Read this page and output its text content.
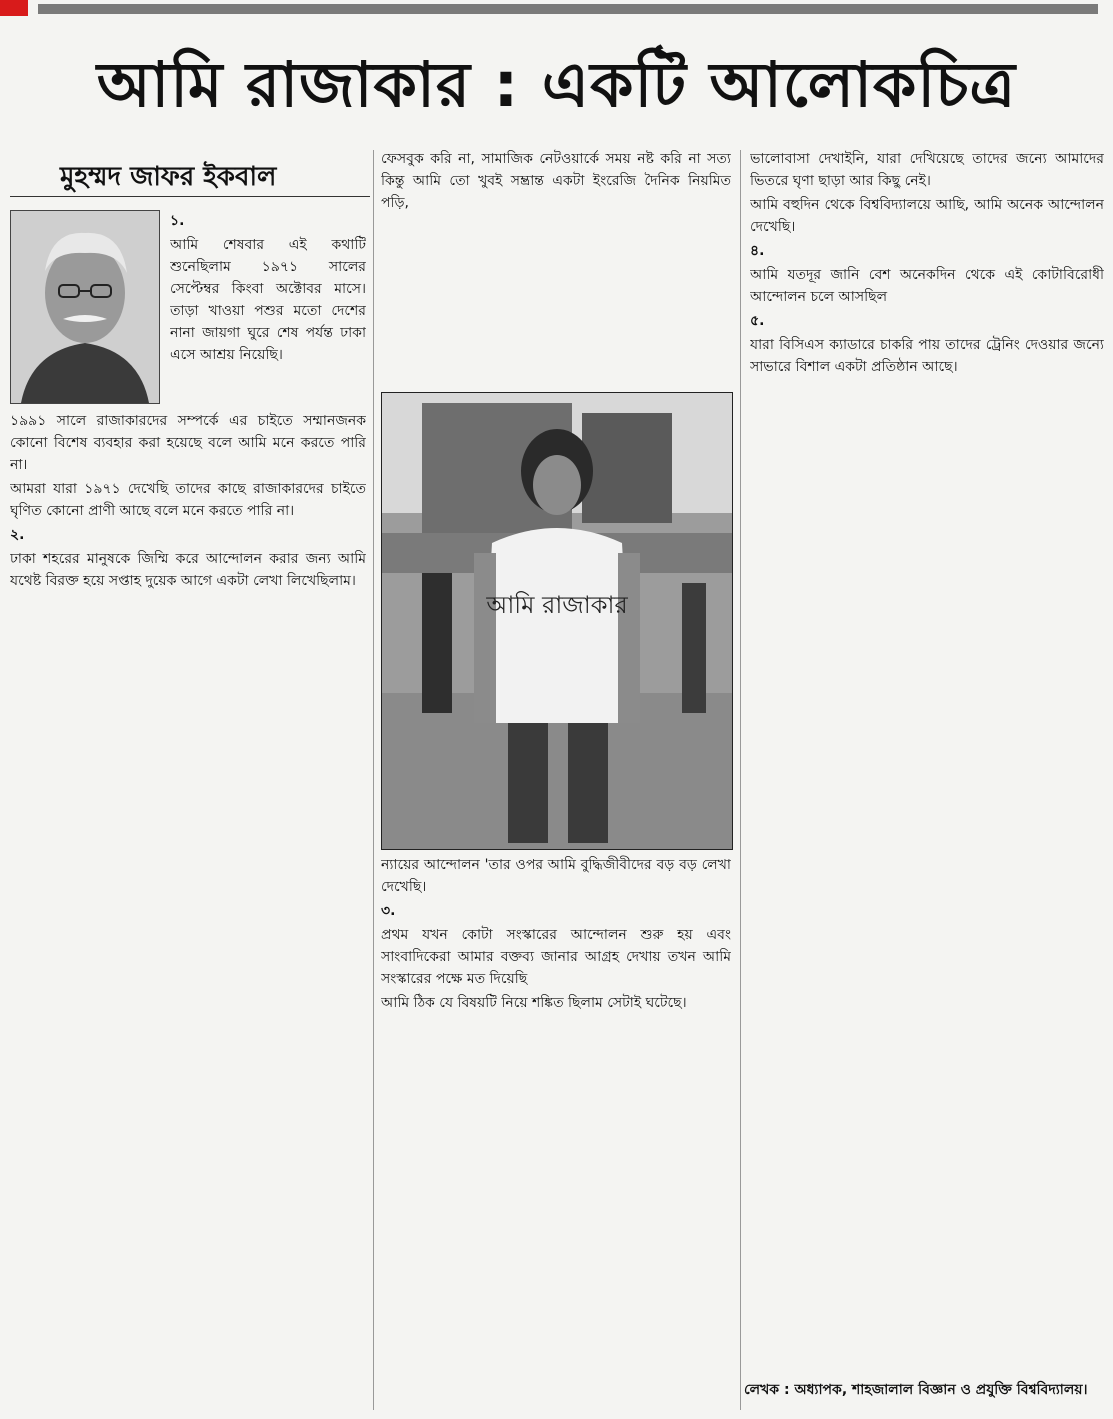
আমি রাজাকার : একটি আলোকচিত্র
মুহম্মদ জাফর ইকবাল

১.

আমি শেষবার এই কথাটি শুনেছিলাম ১৯৭১ সালের সেপ্টেম্বর কিংবা অক্টোবর মাসে। তাড়া খাওয়া পশুর মতো দেশের নানা জায়গা ঘুরে শেষ পর্যন্ত ঢাকা এসে আশ্রয় নিয়েছি।

১৯৯১ সালে রাজাকারদের সম্পর্কে এর চাইতে সম্মানজনক কোনো বিশেষ ব্যবহার করা হয়েছে বলে আমি মনে করতে পারি না।

আমরা যারা ১৯৭১ দেখেছি তাদের কাছে রাজাকারদের চাইতে ঘৃণিত কোনো প্রাণী আছে বলে মনে করতে পারি না।

২.

ঢাকা শহরের মানুষকে জিম্মি করে আন্দোলন করার জন্য আমি যথেষ্ট বিরক্ত হয়ে সপ্তাহ দুয়েক আগে একটা লেখা লিখেছিলাম।

ফেসবুক করি না, সামাজিক নেটওয়ার্কে সময় নষ্ট করি না সত্য কিন্তু আমি তো খুবই সম্ভ্রান্ত একটা ইংরেজি দৈনিক নিয়মিত পড়ি,

আমি রাজাকার

ন্যায়ের আন্দোলন 'তার ওপর আমি বুদ্ধিজীবীদের বড় বড় লেখা দেখেছি।

৩.

প্রথম যখন কোটা সংস্কারের আন্দোলন শুরু হয় এবং সাংবাদিকেরা আমার বক্তব্য জানার আগ্রহ দেখায় তখন আমি সংস্কারের পক্ষে মত দিয়েছি

আমি ঠিক যে বিষয়টি নিয়ে শঙ্কিত ছিলাম সেটাই ঘটেছে।

ভালোবাসা দেখাইনি, যারা দেখিয়েছে তাদের জন্যে আমাদের ভিতরে ঘৃণা ছাড়া আর কিছু নেই।

আমি বহুদিন থেকে বিশ্ববিদ্যালয়ে আছি, আমি অনেক আন্দোলন দেখেছি।

৪.

আমি যতদূর জানি বেশ অনেকদিন থেকে এই কোটাবিরোধী আন্দোলন চলে আসছিল

৫.

যারা বিসিএস ক্যাডারে চাকরি পায় তাদের ট্রেনিং দেওয়ার জন্যে সাভারে বিশাল একটা প্রতিষ্ঠান আছে।

লেখক : অধ্যাপক, শাহজালাল বিজ্ঞান ও প্রযুক্তি বিশ্ববিদ্যালয়।
